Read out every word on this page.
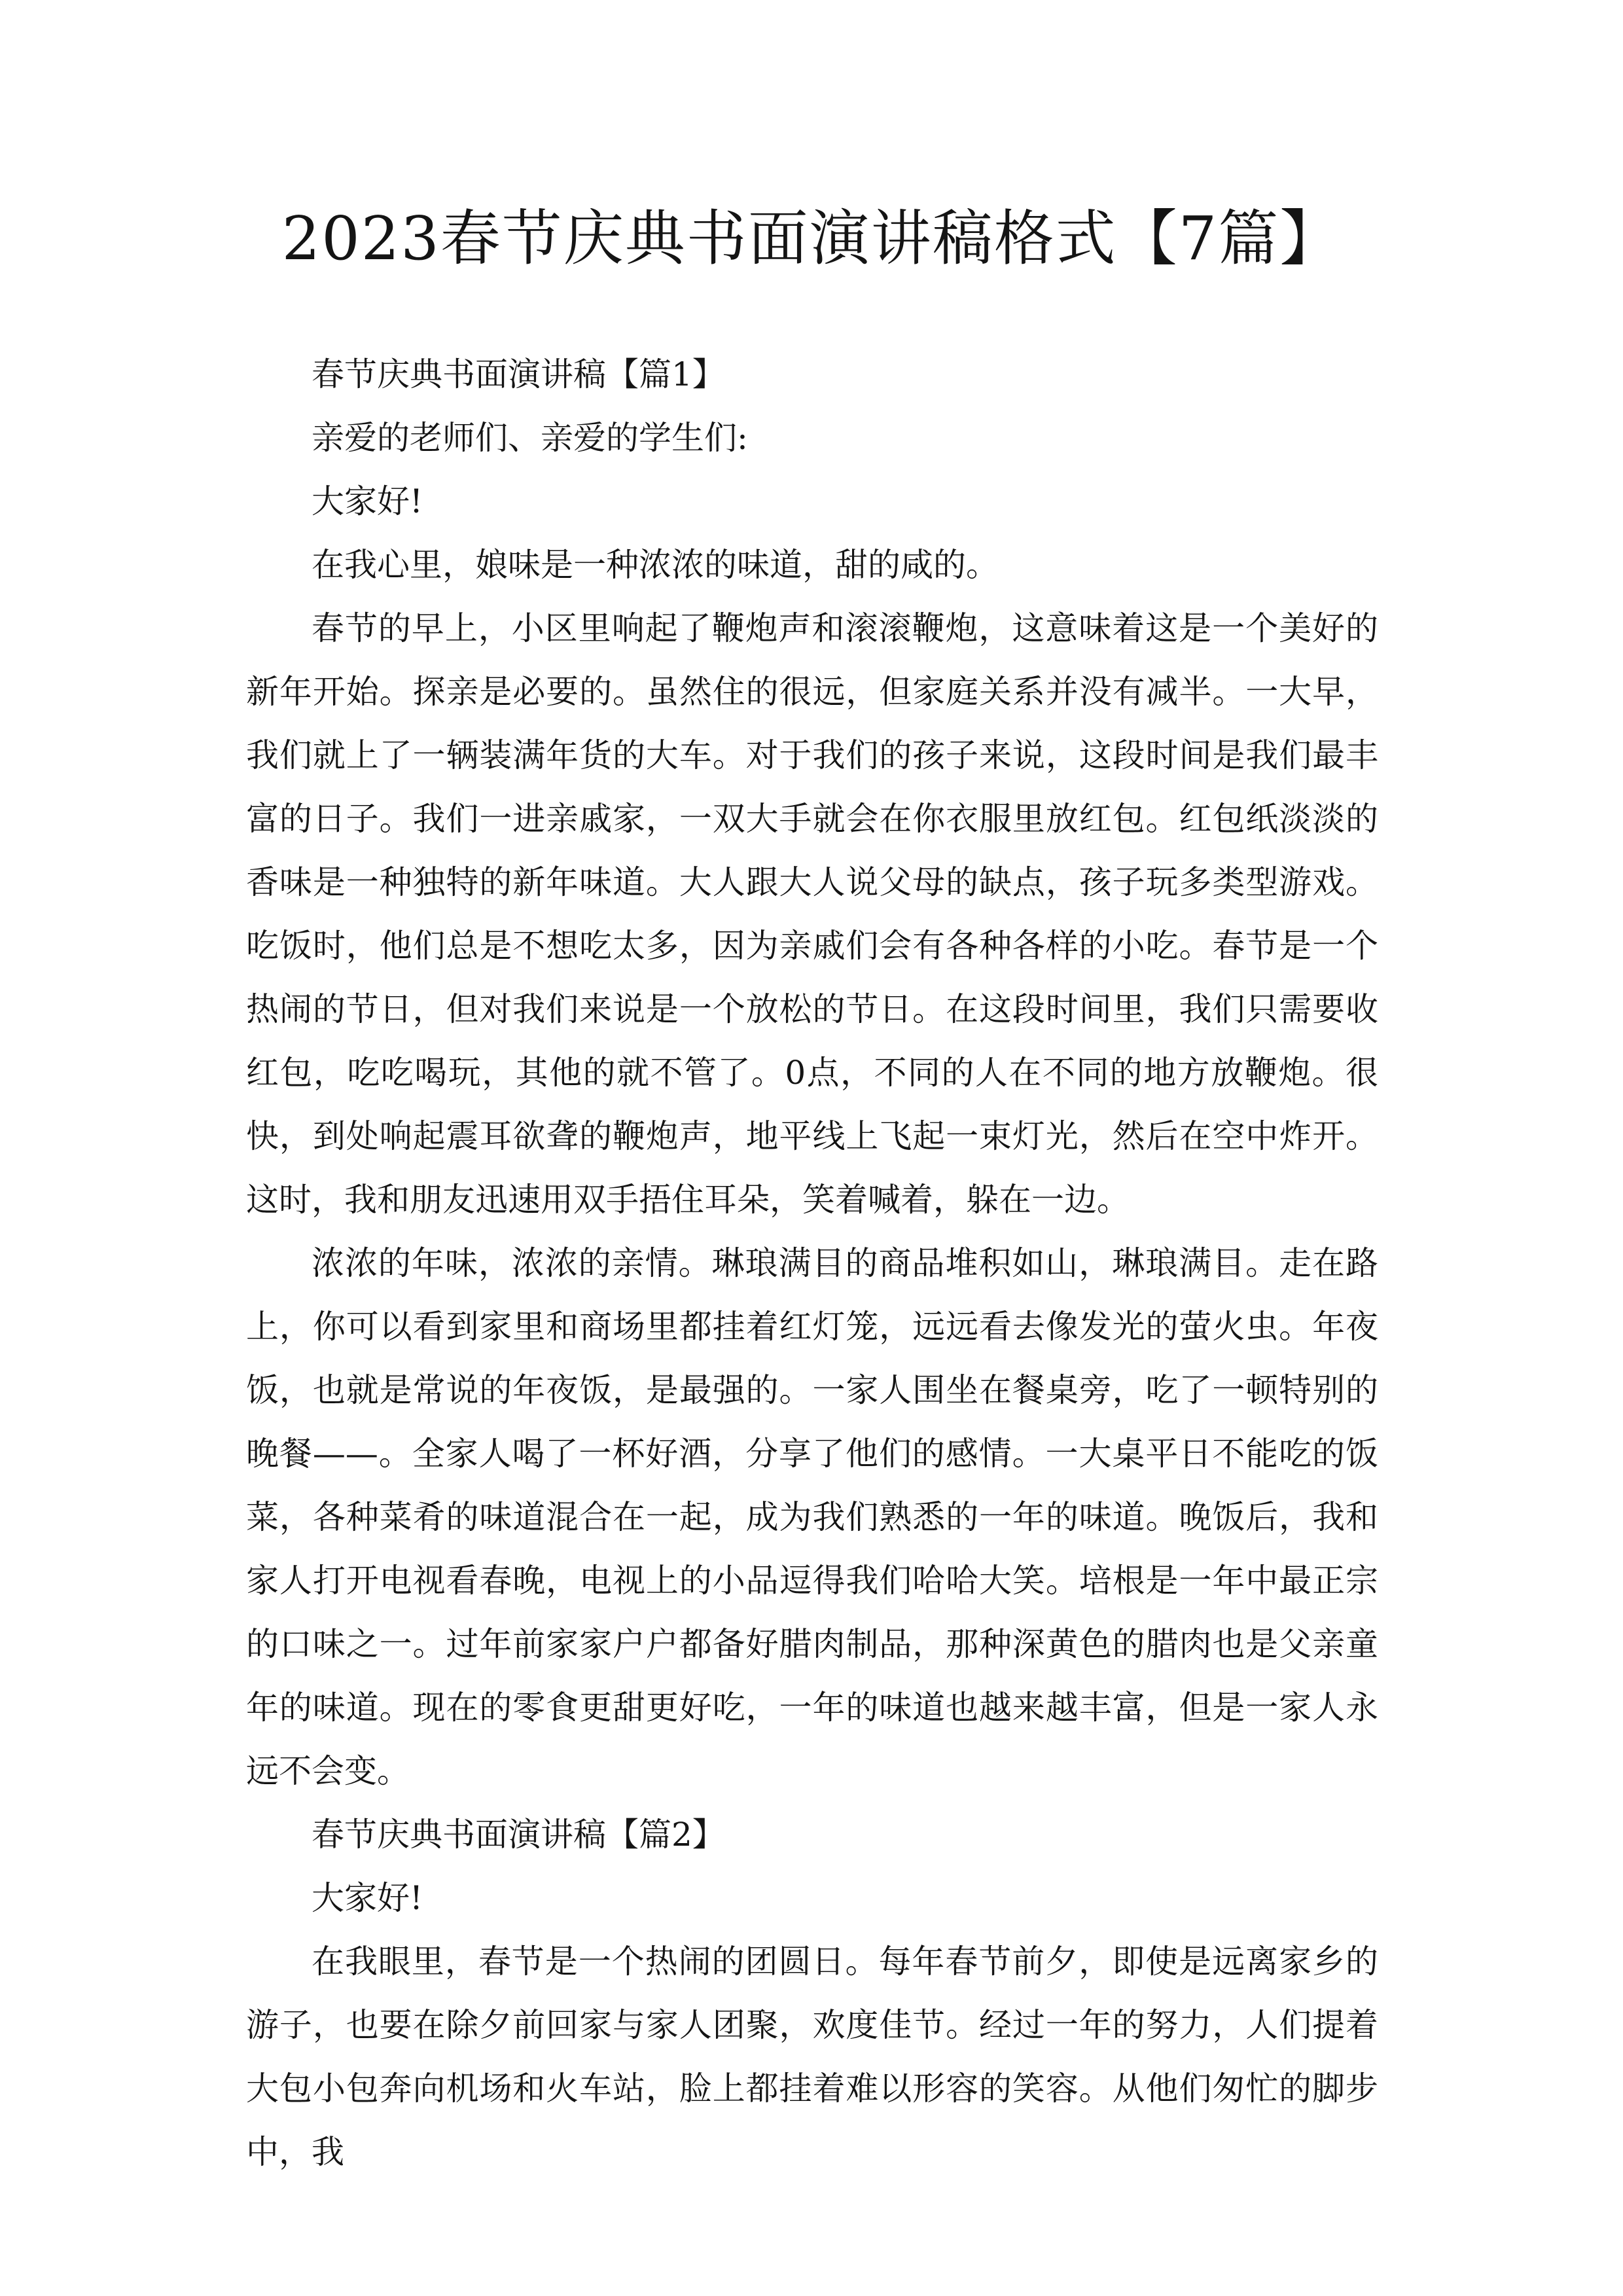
2023春节庆典书面演讲稿格式【7篇】

春节庆典书面演讲稿【篇1】

亲爱的老师们、亲爱的学生们:

大家好!

在我心里，娘味是一种浓浓的味道，甜的咸的。

春节的早上，小区里响起了鞭炮声和滚滚鞭炮，这意味着这是一个美好的新年开始。探亲是必要的。虽然住的很远，但家庭关系并没有减半。一大早，我们就上了一辆装满年货的大车。对于我们的孩子来说，这段时间是我们最丰富的日子。我们一进亲戚家，一双大手就会在你衣服里放红包。红包纸淡淡的香味是一种独特的新年味道。大人跟大人说父母的缺点，孩子玩多类型游戏。吃饭时，他们总是不想吃太多，因为亲戚们会有各种各样的小吃。春节是一个热闹的节日，但对我们来说是一个放松的节日。在这段时间里，我们只需要收红包，吃吃喝玩，其他的就不管了。0点，不同的人在不同的地方放鞭炮。很快，到处响起震耳欲聋的鞭炮声，地平线上飞起一束灯光，然后在空中炸开。这时，我和朋友迅速用双手捂住耳朵，笑着喊着，躲在一边。

浓浓的年味，浓浓的亲情。琳琅满目的商品堆积如山，琳琅满目。走在路上，你可以看到家里和商场里都挂着红灯笼，远远看去像发光的萤火虫。年夜饭，也就是常说的年夜饭，是最强的。一家人围坐在餐桌旁，吃了一顿特别的晚餐——。全家人喝了一杯好酒，分享了他们的感情。一大桌平日不能吃的饭菜，各种菜肴的味道混合在一起，成为我们熟悉的一年的味道。晚饭后，我和家人打开电视看春晚，电视上的小品逗得我们哈哈大笑。培根是一年中最正宗的口味之一。过年前家家户户都备好腊肉制品，那种深黄色的腊肉也是父亲童年的味道。现在的零食更甜更好吃，一年的味道也越来越丰富，但是一家人永远不会变。

春节庆典书面演讲稿【篇2】

大家好!

在我眼里，春节是一个热闹的团圆日。每年春节前夕，即使是远离家乡的游子，也要在除夕前回家与家人团聚，欢度佳节。经过一年的努力，人们提着大包小包奔向机场和火车站，脸上都挂着难以形容的笑容。从他们匆忙的脚步中，我
